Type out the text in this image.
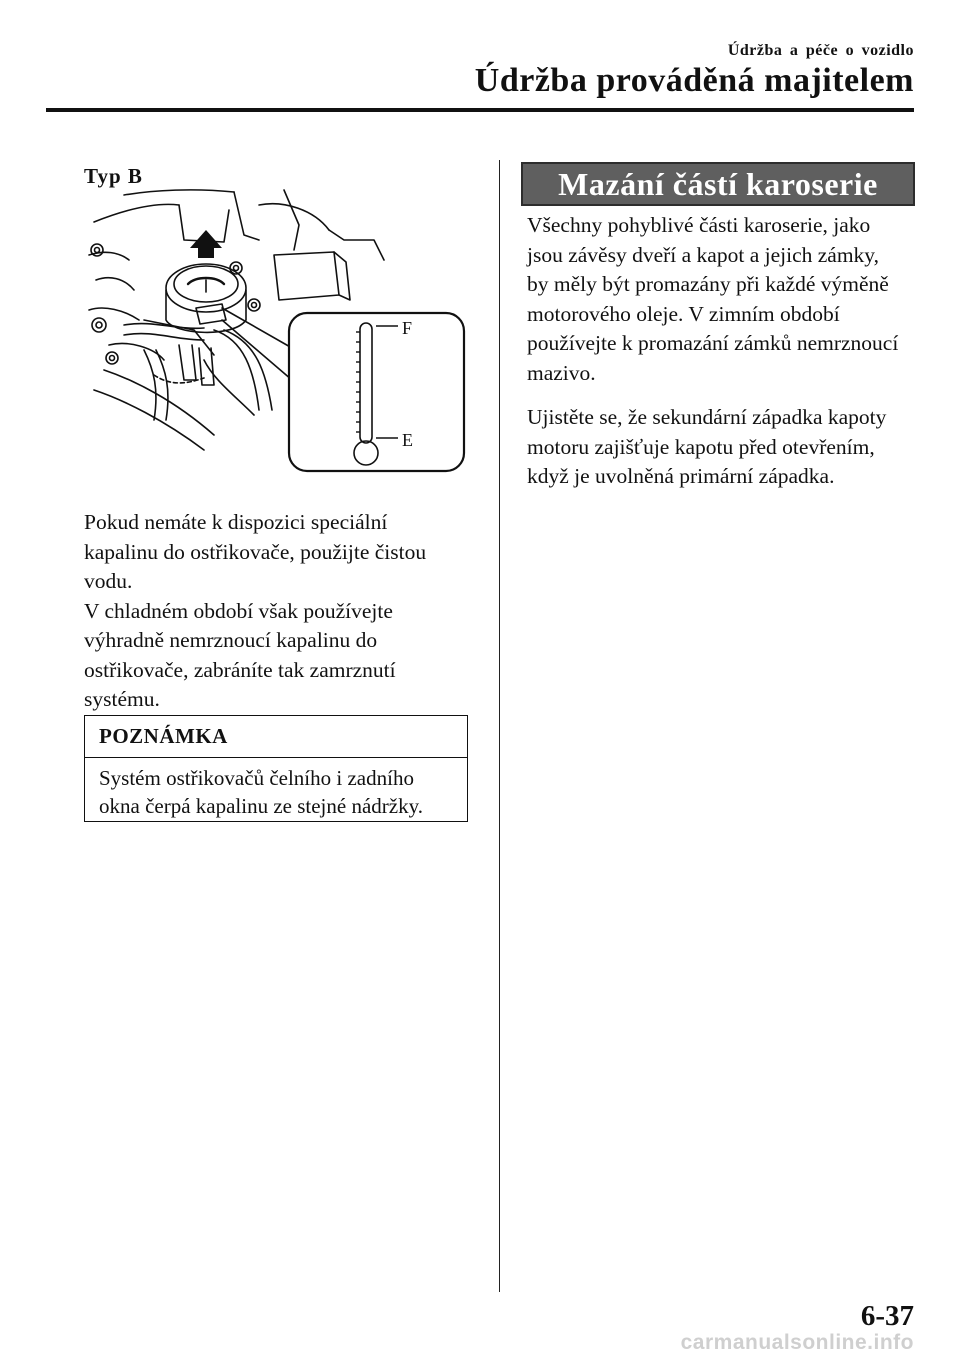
Údržba a péče o vozidlo
Údržba prováděná majitelem
Typ B
F
E
Pokud nemáte k dispozici speciální
kapalinu do ostřikovače, použijte čistou
vodu.
V chladném období však používejte
výhradně nemrznoucí kapalinu do
ostřikovače, zabráníte tak zamrznutí
systému.
POZNÁMKA
Systém ostřikovačů čelního i zadního
okna čerpá kapalinu ze stejné nádržky.
Mazání částí karoserie
Všechny pohyblivé části karoserie, jako
jsou závěsy dveří a kapot a jejich zámky,
by měly být promazány při každé výměně
motorového oleje. V zimním období
používejte k promazání zámků nemrznoucí
mazivo.
Ujistěte se, že sekundární západka kapoty
motoru zajišťuje kapotu před otevřením,
když je uvolněná primární západka.
6-37
carmanualsonline.info
